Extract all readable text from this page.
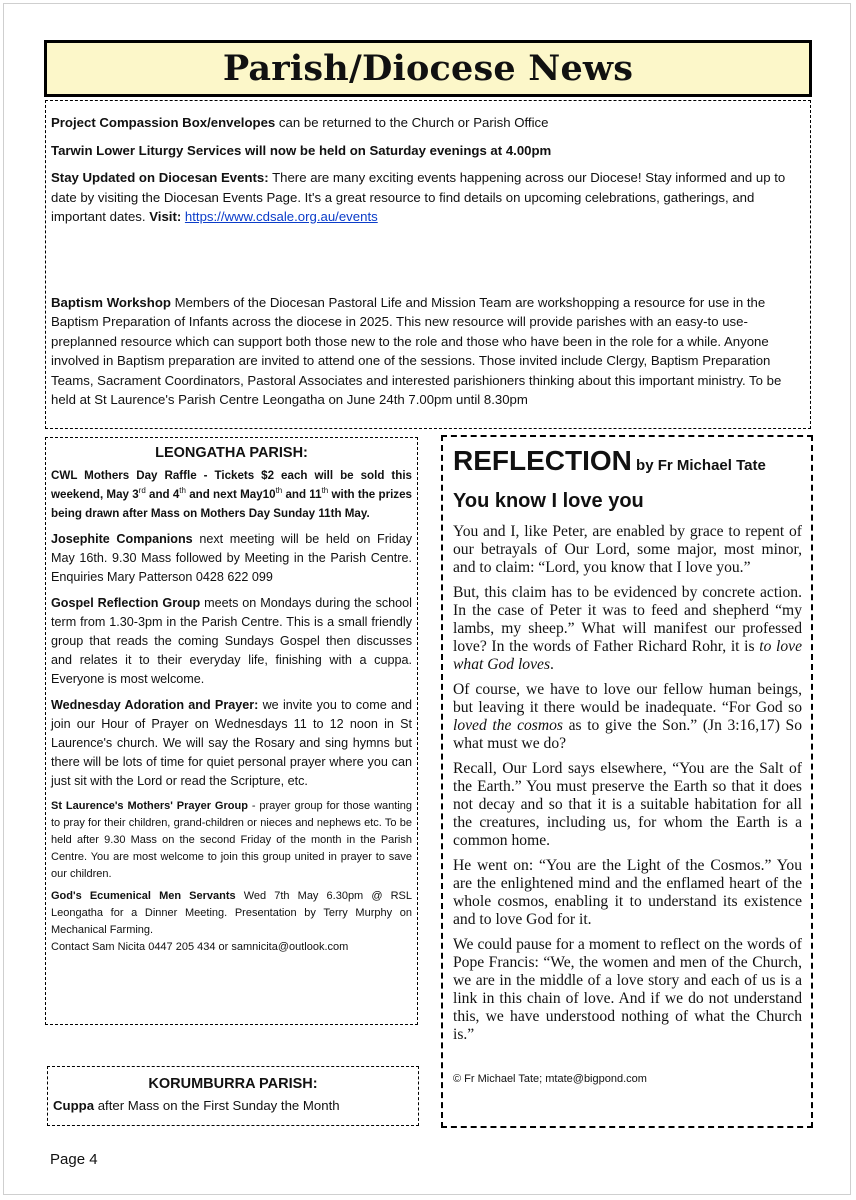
Parish/Diocese News

Project Compassion Box/envelopes can be returned to the Church or Parish Office

Tarwin Lower Liturgy Services will now be held on Saturday evenings at 4.00pm

Stay Updated on Diocesan Events: There are many exciting events happening across our Diocese! Stay informed and up to date by visiting the Diocesan Events Page. It's a great resource to find details on upcoming celebrations, gatherings, and important dates. Visit: https://www.cdsale.org.au/events

Baptism Workshop Members of the Diocesan Pastoral Life and Mission Team are workshopping a resource for use in the Baptism Preparation of Infants across the diocese in 2025. This new resource will provide parishes with an easy-to use-preplanned resource which can support both those new to the role and those who have been in the role for a while. Anyone involved in Baptism preparation are invited to attend one of the sessions. Those invited include Clergy, Baptism Preparation Teams, Sacrament Coordinators, Pastoral Associates and interested parishioners thinking about this important ministry. To be held at St Laurence's Parish Centre Leongatha on June 24th 7.00pm until 8.30pm

LEONGATHA PARISH:

CWL Mothers Day Raffle - Tickets $2 each will be sold this weekend, May 3rd and 4th and next May10th and 11th with the prizes being drawn after Mass on Mothers Day Sunday 11th May.

Josephite Companions next meeting will be held on Friday May 16th. 9.30 Mass followed by Meeting in the Parish Centre. Enquiries Mary Patterson 0428 622 099

Gospel Reflection Group meets on Mondays during the school term from 1.30-3pm in the Parish Centre. This is a small friendly group that reads the coming Sundays Gospel then discusses and relates it to their everyday life, finishing with a cuppa. Everyone is most welcome.

Wednesday Adoration and Prayer: we invite you to come and join our Hour of Prayer on Wednesdays 11 to 12 noon in St Laurence's church. We will say the Rosary and sing hymns but there will be lots of time for quiet personal prayer where you can just sit with the Lord or read the Scripture, etc.

St Laurence's Mothers' Prayer Group - prayer group for those wanting to pray for their children, grand-children or nieces and nephews etc. To be held after 9.30 Mass on the second Friday of the month in the Parish Centre. You are most welcome to join this group united in prayer to save our children.

God's Ecumenical Men Servants Wed 7th May 6.30pm @ RSL Leongatha for a Dinner Meeting. Presentation by Terry Murphy on Mechanical Farming.
Contact Sam Nicita 0447 205 434 or samnicita@outlook.com

KORUMBURRA PARISH:

Cuppa after Mass on the First Sunday the Month

REFLECTION by Fr Michael Tate
You know I love you

You and I, like Peter, are enabled by grace to repent of our betrayals of Our Lord, some major, most minor, and to claim: “Lord, you know that I love you.”

But, this claim has to be evidenced by concrete action. In the case of Peter it was to feed and shepherd “my lambs, my sheep.” What will manifest our professed love? In the words of Father Richard Rohr, it is to love what God loves.

Of course, we have to love our fellow human beings, but leaving it there would be inadequate. “For God so loved the cosmos as to give the Son.” (Jn 3:16,17) So what must we do?

Recall, Our Lord says elsewhere, “You are the Salt of the Earth.” You must preserve the Earth so that it does not decay and so that it is a suitable habitation for all the creatures, including us, for whom the Earth is a common home.

He went on: “You are the Light of the Cosmos.” You are the enlightened mind and the enflamed heart of the whole cosmos, enabling it to understand its existence and to love God for it.

We could pause for a moment to reflect on the words of Pope Francis: “We, the women and men of the Church, we are in the middle of a love story and each of us is a link in this chain of love. And if we do not understand this, we have understood nothing of what the Church is.”

© Fr Michael Tate; mtate@bigpond.com

Page 4
